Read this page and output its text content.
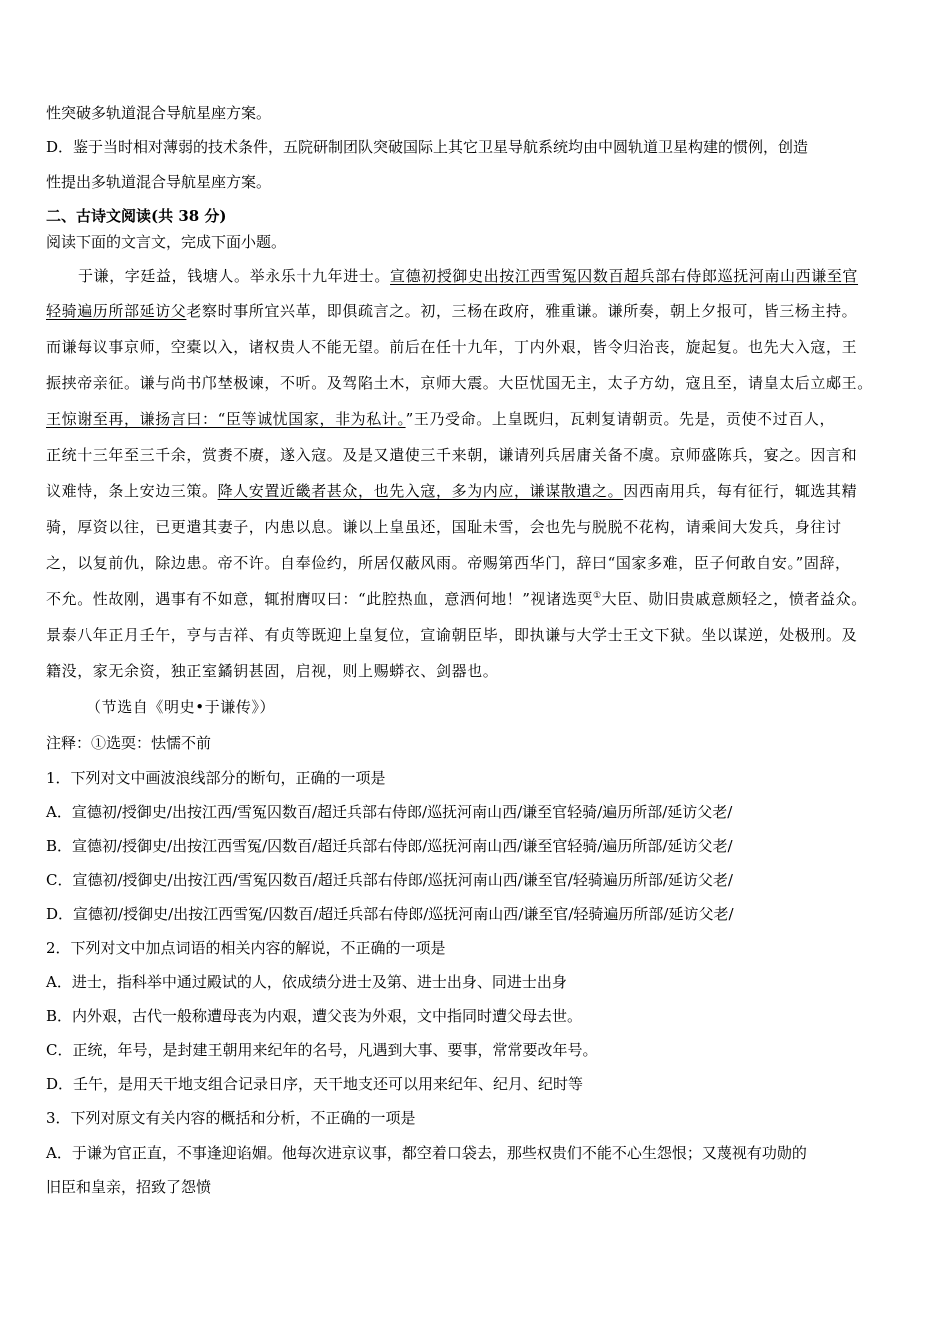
性突破多轨道混合导航星座方案。
D．鉴于当时相对薄弱的技术条件，五院研制团队突破国际上其它卫星导航系统均由中圆轨道卫星构建的惯例，创造
性提出多轨道混合导航星座方案。
二、古诗文阅读(共 38 分)
阅读下面的文言文，完成下面小题。
于谦，字廷益，钱塘人。举永乐十九年进士。宣德初授御史出按江西雪冤囚数百超兵部右侍郎巡抚河南山西谦至官
轻骑遍历所部延访父老察时事所宜兴革，即俱疏言之。初，三杨在政府，雅重谦。谦所奏，朝上夕报可，皆三杨主持。
而谦每议事京师，空橐以入，诸权贵人不能无望。前后在任十九年，丁内外艰，皆令归治丧，旋起复。也先大入寇，王
振挟帝亲征。谦与尚书邝埜极谏，不听。及驾陷土木，京师大震。大臣忧国无主，太子方幼，寇且至，请皇太后立郕王。
王惊谢至再，谦扬言曰：“臣等诚忧国家，非为私计。”王乃受命。上皇既归，瓦剌复请朝贡。先是，贡使不过百人，
正统十三年至三千余，赏赉不赓，遂入寇。及是又遣使三千来朝，谦请列兵居庸关备不虞。京师盛陈兵，宴之。因言和
议难恃，条上安边三策。降人安置近畿者甚众，也先入寇，多为内应，谦谋散遣之。因西南用兵，每有征行，辄选其精
骑，厚资以往，已更遣其妻子，内患以息。谦以上皇虽还，国耻未雪，会也先与脱脱不花构，请乘间大发兵，身往讨
之，以复前仇，除边患。帝不许。自奉俭约，所居仅蔽风雨。帝赐第西华门，辞曰“国家多难，臣子何敢自安。”固辞，
不允。性故刚，遇事有不如意，辄拊膺叹曰：“此腔热血，意洒何地！”视诸选耎①大臣、勋旧贵戚意颇轻之，愤者益众。
景泰八年正月壬午，亨与吉祥、有贞等既迎上皇复位，宣谕朝臣毕，即执谦与大学士王文下狱。坐以谋逆，处极刑。及
籍没，家无余资，独正室鐍钥甚固，启视，则上赐蟒衣、剑器也。
（节选自《明史•于谦传》）
注释：①选耎：怯懦不前
1．下列对文中画波浪线部分的断句，正确的一项是
A．宣德初/授御史/出按江西/雪冤囚数百/超迁兵部右侍郎/巡抚河南山西/谦至官轻骑/遍历所部/延访父老/
B．宣德初/授御史/出按江西雪冤/囚数百/超迁兵部右侍郎/巡抚河南山西/谦至官轻骑/遍历所部/延访父老/
C．宣德初/授御史/出按江西/雪冤囚数百/超迁兵部右侍郎/巡抚河南山西/谦至官/轻骑遍历所部/延访父老/
D．宣德初/授御史/出按江西雪冤/囚数百/超迁兵部右侍郎/巡抚河南山西/谦至官/轻骑遍历所部/延访父老/
2．下列对文中加点词语的相关内容的解说，不正确的一项是
A．进士，指科举中通过殿试的人，依成绩分进士及第、进士出身、同进士出身
B．内外艰，古代一般称遭母丧为内艰，遭父丧为外艰，文中指同时遭父母去世。
C．正统，年号，是封建王朝用来纪年的名号，凡遇到大事、要事，常常要改年号。
D．壬午，是用天干地支组合记录日序，天干地支还可以用来纪年、纪月、纪时等
3．下列对原文有关内容的概括和分析，不正确的一项是
A．于谦为官正直，不事逢迎谄媚。他每次进京议事，都空着口袋去，那些权贵们不能不心生怨恨；又蔑视有功勋的
旧臣和皇亲，招致了怨愤
